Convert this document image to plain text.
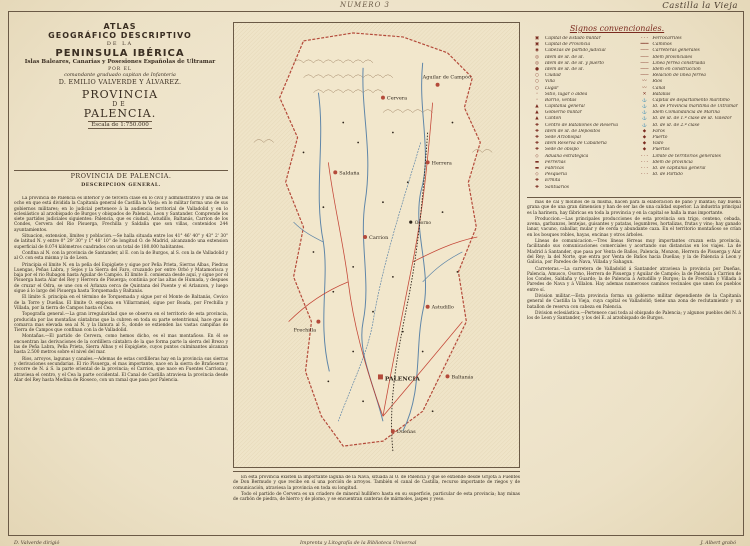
NUMERO 3	Castilla la Vieja
ATLAS
GEOGRÁFICO DESCRIPTIVO
DE LA
PENINSULA IBÉRICA
Islas Baleares, Canarias y Posesiones Españolas de Ultramar
POR EL
comandante graduado capitan de Infanteria
D. EMILIO VALVERDE Y ÁLVAREZ.
PROVINCIA
DE
PALENCIA.
Escala de 1:750.000
PROVINCIA DE PALENCIA.
DESCRIPCION GENERAL.

La provincia de Palencia es interior y de tercera clase en lo civil y administrativo y una de las ocho en que está dividida la Capitanía general de Castilla la Vieja: en lo militar forma uno de sus gobiernos militares; en lo judicial pertenece á la audiencia territorial de Valladolid y en lo eclesiástico al arzobispado de Burgos y obispados de Palencia, Leon y Santander. Comprende los siete partidos judiciales siguientes: Palencia, que es ciudad, Astudillo, Baltanás, Carrion de los Condes, Cervera del Rio Pisuerga, Frechilla y Saldaña que son villas, contenidos 244 ayuntamientos.

Situacion, extension, límites y poblacion.—Se halla situada entre los 41° 46' 40" y 43° 2' 30" de latitud N. y entre 0° 29' 30" y 1° 48' 10" de longitud O. de Madrid, alcanzando una extension superficial de 8.074 kilómetros cuadrados con un total de 180.000 habitantes.

Confina al N. con la provincia de Santander, al E. con la de Burgos, al S. con la de Valladolid y al O. con esta misma y la de Leon.

Principia el límite N. en la peña del Espigüete y sigue por Peña Prieta, Sierras Albas, Piedras Luengas, Peñas Labra, y Sejos y la Sierra del Faro, cruzando por entre Orbó y Matamorisca y baja por el rio Rubagon hasta Aguilar de Campóo. El límite E. comienza desde aquí, y sigue por el Pisuerga hasta Alar del Rey y Herrera de Pisuerga; continúa por las altas de Humada, y despues de cruzar el Odra, se une con el Arlanza cerca de Quintana del Puente y el Arlanzon, y luego sigue á lo largo del Pisuerga hasta Torquemada y Baltanás.

El límite S. principia en el término de Torquemada y sigue por el Monte de Baltanás, Cevico de la Torre y Dueñas. El límite O. empieza en Villarramiel, sigue por Boada, por Frechilla y Villada, por la tierra de Campos hasta el Cea.

Topografía general.—La gran irregularidad que se observa en el territorio de esta provincia, producida por las montañas cántabras que la cubren en toda su parte setentrional, hace que su comarca mas elevada sea al N. y la llanura al S., donde se extienden las vastas campiñas de Tierra de Campos que confinan con la de Valladolid.

Montañas.—El partido de Cervera, como hemos dicho, es el mas montañoso. En él se encuentran las derivaciones de la cordillera cántabra de la que forma parte la sierra del Brezo y las de Peña Labra, Peña Prieta, Sierra Albas y el Espigüete, cuyos puntos culminantes alcanzan hasta 2.500 metros sobre el nivel del mar.

Rios, arroyos, lagunas y canales.—Ademas de estas cordilleras hay en la provincia sus sierras y derivaciones secundarias. El rio Pisuerga, el mas importante, nace en la sierra de Brañosera y recorre de N. á S. la parte oriental de la provincia; el Carrion, que nace en Fuentes Carrionas, atraviesa el centro, y el Cea la parte occidental. El Canal de Castilla atraviesa la provincia desde Alar del Rey hasta Medina de Rioseco, con un ramal que pasa por Palencia.

Cervera
Aguilar de Campóo
Saldaña
Herrera
Carrion
Osorno
Frechilla
Astudillo
PALENCIA	Baltanás
Dueñas

En esta provincia existen la importante laguna de la Nava, situada al O. de Palencia y que se extiende desde Grijota á Fuentes de Don Bermudo y que recibe en sí una porción de arroyos. También el canal de Castilla, recurso importante de riegos y de comunicación, atraviesa la provincia en toda su longitud.

Todo el partido de Cervera es un criadero de mineral hullífero hasta en su superficie, particular de esta provincia; hay minas de carbón de piedra, de hierro y de plomo, y se encuentran canteras de mármoles, jaspes y yeso.

Signos convencionales.
▣	Capital de Estado militar
▣	Capital de Provincia
◉	Cabezas de partido judicial
◎	Idem de id. de id.
◎	Idem de id. de id. y puerto
●	Idem de id. de id.
○	Ciudad
○	Villa
○	Lugar
◦	Sitio, lugar o aldea
◦	Barrio, ventas
▲	Capitanía general
▲	Gobierno militar
▲	Cantón
✚	Centro de Batallones de Reserva
✚	Idem de id. de Depósitos
✚	Sede Arzobispal
✚	Idem Reserva de Caballería
✚	Sede de obispo
◇	Aduana estratégica
▬	Ferrerías
▬	Fábricas
◇	Pesquería
✚	Ermita
✚	Santuarios
- - - Ferrocarriles
═══ Caminos
─── Carreteras generales
─── Idem provinciales
─── Línea férrea construida
─── Idem en construccion
─── Relación de línea férrea
〰	Ríos
〰	Canal
✕	Batallas
⚓	Capital de departamento marítimo
⚓	Id. de Provincia marítima de Ultramar
⚓	Idem Comandancia de Marina
⚓	Id. de id. de 1.ª clase de id. Valedor
⚓	Id. de id. de 2.ª clase
◆	Faros
◆	Puerto
◆	Vado
◆	Puertos
- · -	Límite de territorios generales
- · -	Idem de provincia
- · -	Id. de capitanía general
- · -	Id. de Partido

mas de cal y molinos de la misma, hacen para la elaboracion de paño y mantas; hay buena grana que de una gran dimension y han de ser las de una calidad superior. La industria principal es la harinera, hay fábricas en toda la provincia y en la capital se halla la mas importante.

Produccion.—Las principales producciones de esta provincia son trigo, centeno, cebada, avena, garbanzos, lentejas, guisantes y patatas, legumbres, hortalizas, frutas y vino; hay ganado lanar, vacuno, caballar, mular y de cerda y abundante caza. En el territorio montañoso se crían en los bosques robles, hayas, encinas y otros árboles.

Líneas de comunicacion.—Tres líneas férreas muy importantes cruzan esta provincia, facilitando sus comunicaciones comerciales y acortando sus distancias en los viajes. La de Madrid á Santander, que pasa por Venta de Baños, Palencia, Monzon, Herrera de Pisuerga y Alar del Rey; la del Norte, que entra por Venta de Baños hacia Dueñas; y la de Palencia á Leon y Galicia, por Paredes de Nava, Villada y Sahagun.

Carreteras.—La carretera de Valladolid á Santander atraviesa la provincia por Dueñas, Palencia, Amusco, Osorno, Herrera de Pisuerga y Aguilar de Campóo; la de Palencia á Carrion de los Condes, Saldaña y Guardo; la de Palencia á Astudillo y Burgos; la de Frechilla y Villada á Paredes de Nava y á Villalon. Hay ademas numerosos caminos vecinales que unen los pueblos entre sí.

Division militar.—Esta provincia forma un gobierno militar dependiente de la Capitanía general de Castilla la Vieja, cuya capital es Valladolid; tiene una zona de reclutamiento y un batallon de reserva con cabeza en Palencia.

Division eclesiástica.—Pertenece casi toda al obispado de Palencia; y algunos pueblos del N. á los de Leon y Santander, y los del E. al arzobispado de Burgos.

D. Valverde dirigió	Imprenta y Litografía de la Biblioteca Universal	J. Albert grabó
